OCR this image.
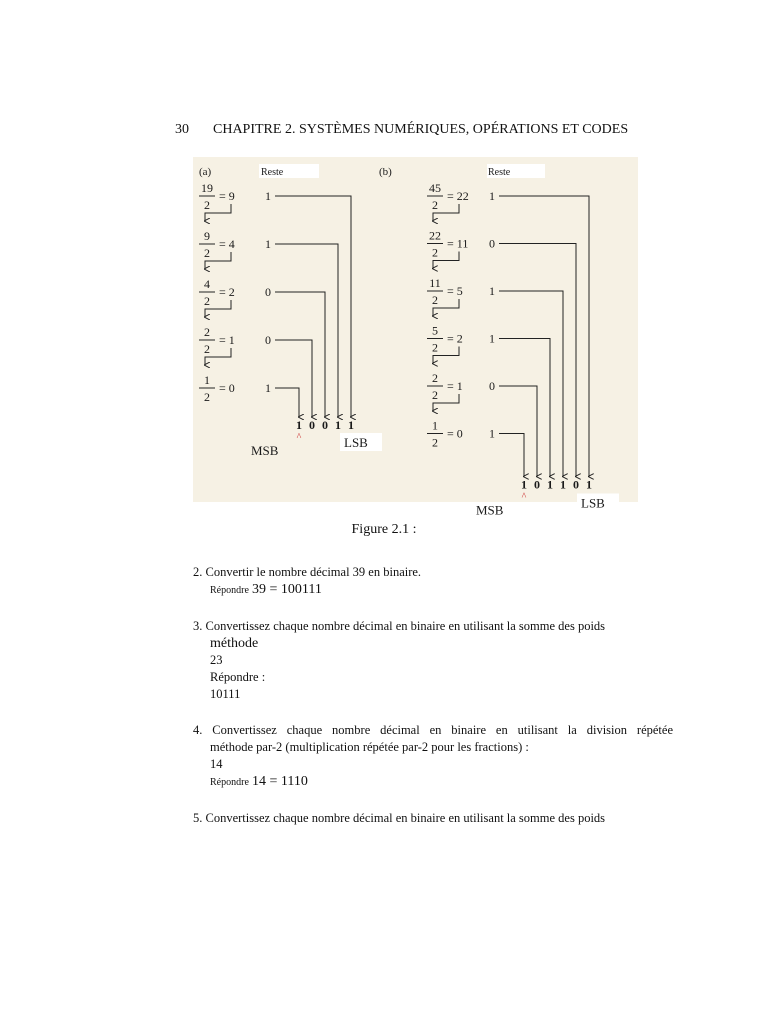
30 CHAPITRE 2. SYSTÈMES NUMÉRIQUES, OPÉRATIONS ET CODES
(a)	Reste
19
2
= 9	1
9
2
= 4	1
4
2
= 2	0
2
2
= 1	0
1
2
= 0	1
1 0 0 1 1
^
MSB
LSB
(b)	Reste
45
2
= 22 1
22
2
= 11 0
11
2
= 5 1
5
2
= 2 1
2
2
= 1 0
1
2
= 0 1
1 0 1 1 0 1
^
MSB	LSB
Figure 2.1 :
2. Convertir le nombre décimal 39 en binaire.
Répondre 39 = 100111
3. Convertissez chaque nombre décimal en binaire en utilisant la somme des poids
méthode
23
Répondre :
10111
4. Convertissez chaque nombre décimal en binaire en utilisant la division répétée
méthode par-2 (multiplication répétée par-2 pour les fractions) :
14
Répondre 14 = 1110
5. Convertissez chaque nombre décimal en binaire en utilisant la somme des poids
